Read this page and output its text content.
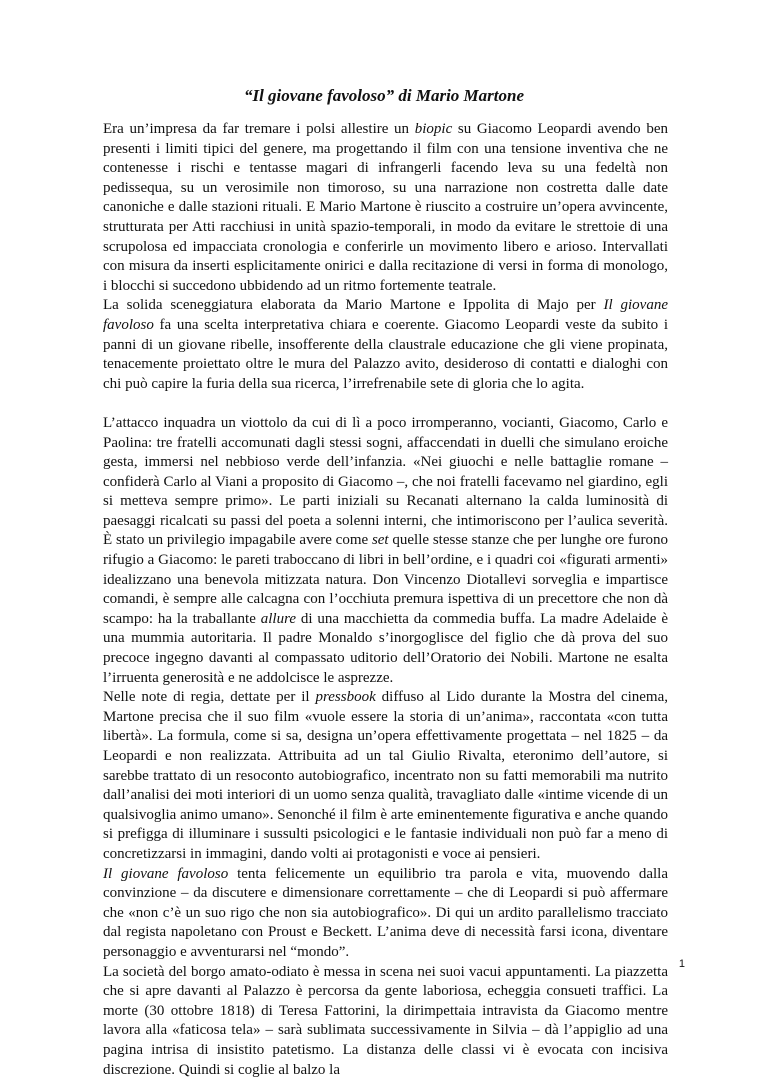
“Il giovane favoloso” di Mario Martone

Era un’impresa da far tremare i polsi allestire un biopic su Giacomo Leopardi avendo ben presenti i limiti tipici del genere, ma progettando il film con una tensione inventiva che ne contenesse i rischi e tentasse magari di infrangerli facendo leva su una fedeltà non pedissequa, su un verosimile non timoroso, su una narrazione non costretta dalle date canoniche e dalle stazioni rituali. E Mario Martone è riuscito a costruire un’opera avvincente, strutturata per Atti racchiusi in unità spazio-temporali, in modo da evitare le strettoie di una scrupolosa ed impacciata cronologia e conferirle un movimento libero e arioso. Intervallati con misura da inserti esplicitamente onirici e dalla recitazione di versi in forma di monologo, i blocchi si succedono ubbidendo ad un ritmo fortemente teatrale.

La solida sceneggiatura elaborata da Mario Martone e Ippolita di Majo per Il giovane favoloso fa una scelta interpretativa chiara e coerente. Giacomo Leopardi veste da subito i panni di un giovane ribelle, insofferente della claustrale educazione che gli viene propinata, tenacemente proiettato oltre le mura del Palazzo avito, desideroso di contatti e dialoghi con chi può capire la furia della sua ricerca, l’irrefrenabile sete di gloria che lo agita.

L’attacco inquadra un viottolo da cui di lì a poco irromperanno, vocianti, Giacomo, Carlo e Paolina: tre fratelli accomunati dagli stessi sogni, affaccendati in duelli che simulano eroiche gesta, immersi nel nebbioso verde dell’infanzia. «Nei giuochi e nelle battaglie romane – confiderà Carlo al Viani a proposito di Giacomo –, che noi fratelli facevamo nel giardino, egli si metteva sempre primo». Le parti iniziali su Recanati alternano la calda luminosità di paesaggi ricalcati su passi del poeta a solenni interni, che intimoriscono per l’aulica severità. È stato un privilegio impagabile avere come set quelle stesse stanze che per lunghe ore furono rifugio a Giacomo: le pareti traboccano di libri in bell’ordine, e i quadri coi «figurati armenti» idealizzano una benevola mitizzata natura. Don Vincenzo Diotallevi sorveglia e impartisce comandi, è sempre alle calcagna con l’occhiuta premura ispettiva di un precettore che non dà scampo: ha la traballante allure di una macchietta da commedia buffa. La madre Adelaide è una mummia autoritaria. Il padre Monaldo s’inorgoglisce del figlio che dà prova del suo precoce ingegno davanti al compassato uditorio dell’Oratorio dei Nobili. Martone ne esalta l’irruenta generosità e ne addolcisce le asprezze.

Nelle note di regia, dettate per il pressbook diffuso al Lido durante la Mostra del cinema, Martone precisa che il suo film «vuole essere la storia di un’anima», raccontata «con tutta libertà». La formula, come si sa, designa un’opera effettivamente progettata – nel 1825 – da Leopardi e non realizzata. Attribuita ad un tal Giulio Rivalta, eteronimo dell’autore, si sarebbe trattato di un resoconto autobiografico, incentrato non su fatti memorabili ma nutrito dall’analisi dei moti interiori di un uomo senza qualità, travagliato dalle «intime vicende di un qualsivoglia animo umano». Senonché il film è arte eminentemente figurativa e anche quando si prefigga di illuminare i sussulti psicologici e le fantasie individuali non può far a meno di concretizzarsi in immagini, dando volti ai protagonisti e voce ai pensieri.

Il giovane favoloso tenta felicemente un equilibrio tra parola e vita, muovendo dalla convinzione – da discutere e dimensionare correttamente – che di Leopardi si può affermare che «non c’è un suo rigo che non sia autobiografico». Di qui un ardito parallelismo tracciato dal regista napoletano con Proust e Beckett. L’anima deve di necessità farsi icona, diventare personaggio e avventurarsi nel “mondo”.

La società del borgo amato-odiato è messa in scena nei suoi vacui appuntamenti. La piazzetta che si apre davanti al Palazzo è percorsa da gente laboriosa, echeggia consueti traffici. La morte (30 ottobre 1818) di Teresa Fattorini, la dirimpettaia intravista da Giacomo mentre lavora alla «faticosa tela» – sarà sublimata successivamente in Silvia – dà l’appiglio ad una pagina intrisa di insistito patetismo. La distanza delle classi vi è evocata con incisiva discrezione. Quindi si coglie al balzo la

1
